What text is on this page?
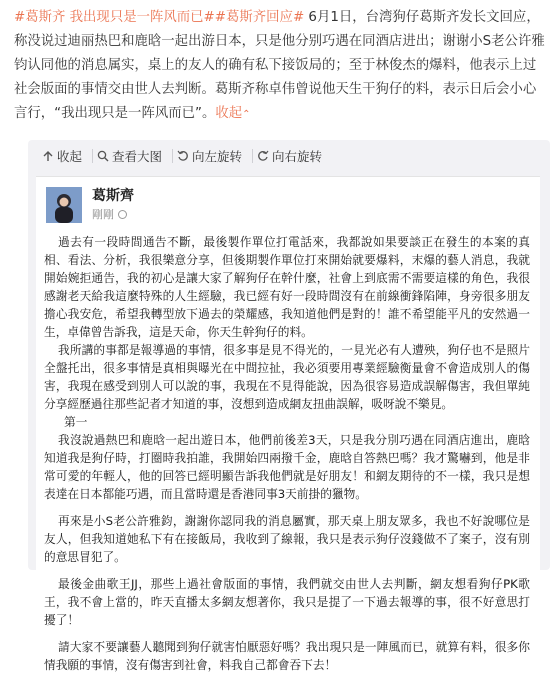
#葛斯齐 我出现只是一阵风而已##葛斯齐回应# 6月1日，台湾狗仔葛斯齐发长文回应，称没说过迪丽热巴和鹿晗一起出游日本，只是他分别巧遇在同酒店进出；谢谢小S老公许雅钧认同他的消息属实，桌上的友人的确有私下接饭局的；至于林俊杰的爆料，他表示上过社会版面的事情交由世人去判断。葛斯齐称卓伟曾说他天生干狗仔的料，表示日后会小心言行，“我出现只是一阵风而已”。收起⌃
收起 查看大图 向左旋转 向右旋转
葛斯齊
剛剛

過去有一段時間通告不斷，最後製作單位打電話來，我都說如果要談正在發生的本案的真相、看法、分析，我很樂意分享，但後期製作單位打來開始就要爆料，末爆的藝人消息，我就開始婉拒通告，我的初心是讓大家了解狗仔在幹什麼，社會上到底需不需要這樣的角色，我很感謝老天給我這麼特殊的人生經驗，我已經有好一段時間沒有在前線衝鋒陷陣，身旁很多朋友擔心我安危，希望我轉型放下過去的榮耀感，我知道他們是對的！誰不希望能平凡的安然過一生，卓偉曾告訴我，這是天命，你天生幹狗仔的料。

我所講的事都是報導過的事情，很多事是見不得光的，一見光必有人遭殃，狗仔也不是照片全盤托出，很多事情是真相與曝光在中間拉扯，我必須要用專業經驗衡量會不會造成別人的傷害，我現在感受到別人可以說的事，我現在不見得能說，因為很容易造成誤解傷害，我但單純分享經歷過往那些記者才知道的事，沒想到造成網友扭曲誤解，吸呀說不樂見。

第一

我沒說過熱巴和鹿晗一起出遊日本，他們前後差3天，只是我分別巧遇在同酒店進出，鹿晗知道我是狗仔時，打圈時我拍誰，我開始四兩撥千金，鹿晗自答熱巴嗎？我才驚嚇到，他是非常可愛的年輕人，他的回答已經明顯告訴我他們就是好朋友！和網友期待的不一樣，我只是想表達在日本都能巧遇，而且當時還是香港同事3天前掛的獵物。

再來是小S老公許雅鈞，謝謝你認同我的消息屬實，那天桌上朋友眾多，我也不好說哪位是友人，但我知道她私下有在接飯局，我收到了線報，我只是表示狗仔沒錢做不了案子，沒有別的意思冒犯了。

最後金曲歌王JJ，那些上過社會版面的事情，我們就交由世人去判斷，網友想看狗仔PK歌王，我不會上當的，昨天直播太多網友想著你，我只是提了一下過去報導的事，很不好意思打擾了！

請大家不要讓藝人聽聞到狗仔就害怕厭惡好嗎？我出現只是一陣風而已，就算有料，很多你情我願的事情，沒有傷害到社會，料我自己都會吞下去！
